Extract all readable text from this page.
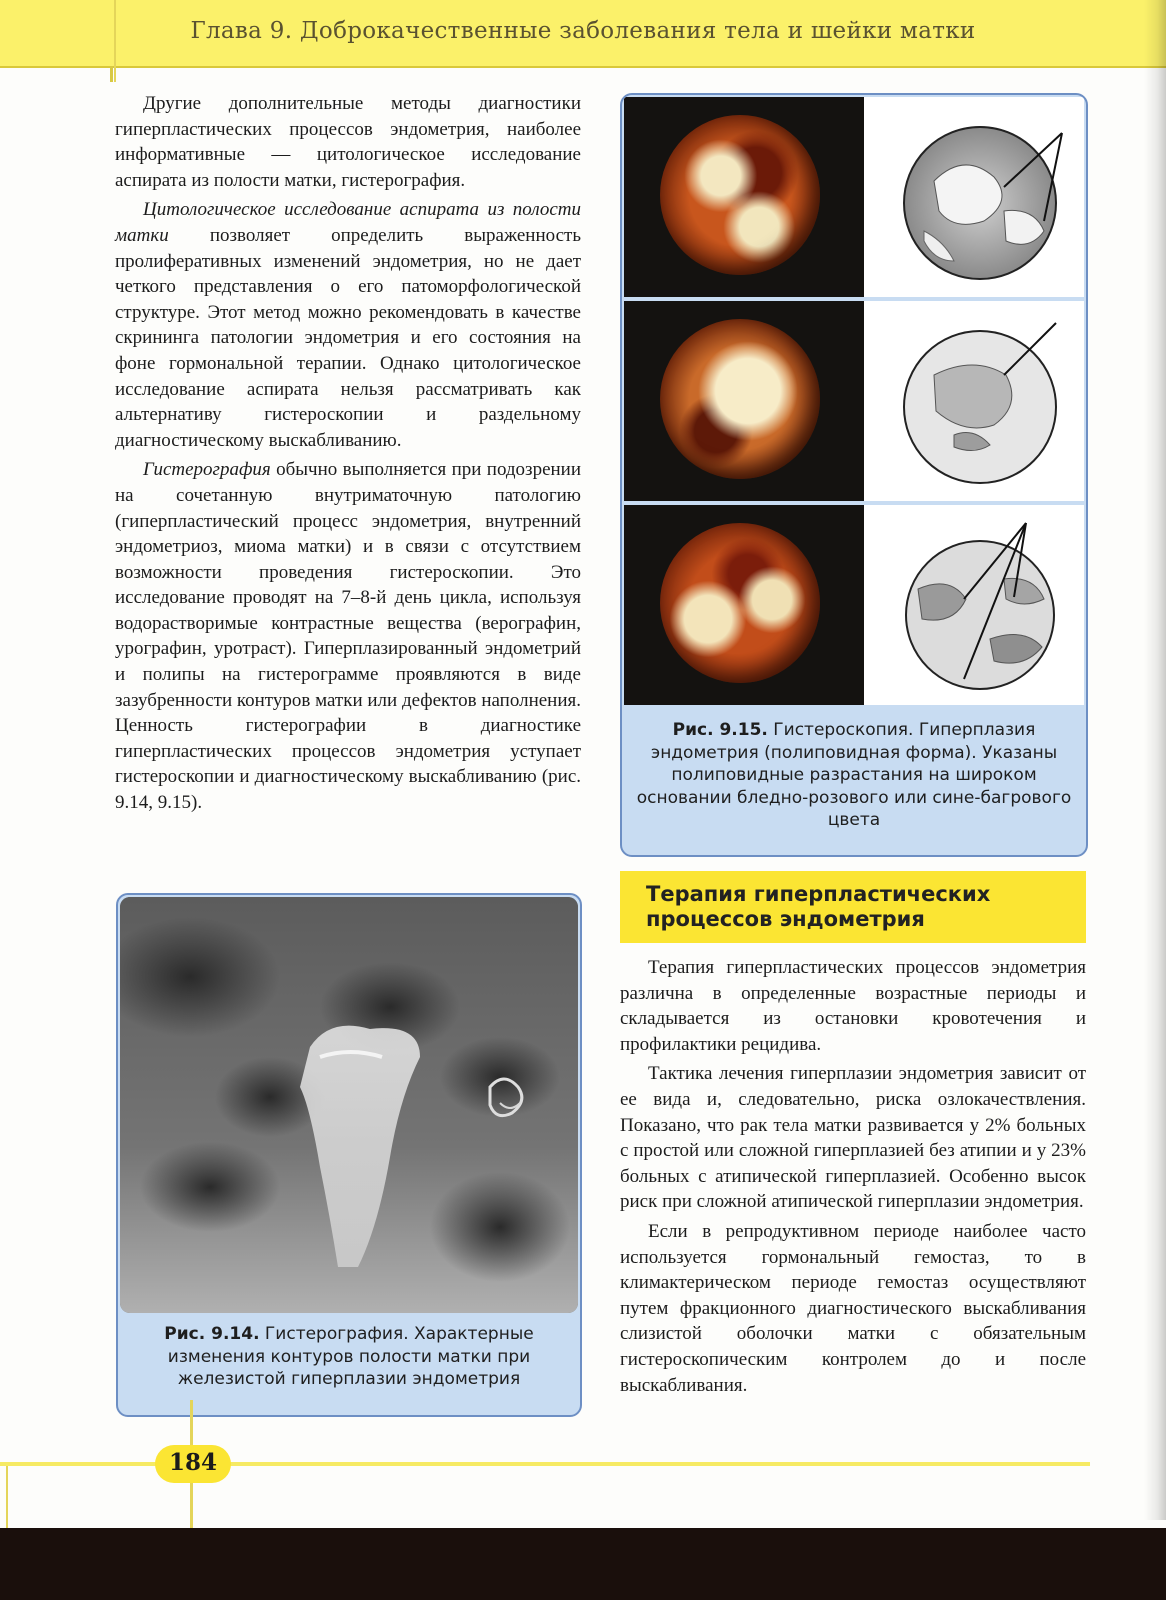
Глава 9. Доброкачественные заболевания тела и шейки матки

Другие дополнительные методы диагностики гиперпластических процессов эндометрия, наиболее информативные — цитологическое исследование аспирата из полости матки, гистерография.

Цитологическое исследование аспирата из полости матки позволяет определить выраженность пролиферативных изменений эндометрия, но не дает четкого представления о его патоморфологической структуре. Этот метод можно рекомендовать в качестве скрининга патологии эндометрия и его состояния на фоне гормональной терапии. Однако цитологическое исследование аспирата нельзя рассматривать как альтернативу гистероскопии и раздельному диагностическому выскабливанию.

Гистерография обычно выполняется при подозрении на сочетанную внутриматочную патологию (гиперпластический процесс эндометрия, внутренний эндометриоз, миома матки) и в связи с отсутствием возможности проведения гистероскопии. Это исследование проводят на 7–8-й день цикла, используя водорастворимые контрастные вещества (верографин, урографин, уротраст). Гиперплазированный эндометрий и полипы на гистерограмме проявляются в виде зазубренности контуров матки или дефектов наполнения. Ценность гистерографии в диагностике гиперпластических процессов эндометрия уступает гистероскопии и диагностическому выскабливанию (рис. 9.14, 9.15).

Рис. 9.15. Гистероскопия. Гиперплазия эндометрия (полиповидная форма). Указаны полиповидные разрастания на широком основании бледно-розового или сине-багрового цвета
Терапия гиперпластических процессов эндометрия

Терапия гиперпластических процессов эндометрия различна в определенные возрастные периоды и складывается из остановки кровотечения и профилактики рецидива.

Тактика лечения гиперплазии эндометрия зависит от ее вида и, следовательно, риска озлокачествления. Показано, что рак тела матки развивается у 2% больных с простой или сложной гиперплазией без атипии и у 23% больных с атипической гиперплазией. Особенно высок риск при сложной атипической гиперплазии эндометрия.

Если в репродуктивном периоде наиболее часто используется гормональный гемостаз, то в климактерическом периоде гемостаз осуществляют путем фракционного диагностического выскабливания слизистой оболочки матки с обязательным гистероскопическим контролем до и после выскабливания.

Рис. 9.14. Гистерография. Характерные изменения контуров полости матки при железистой гиперплазии эндометрия
184
